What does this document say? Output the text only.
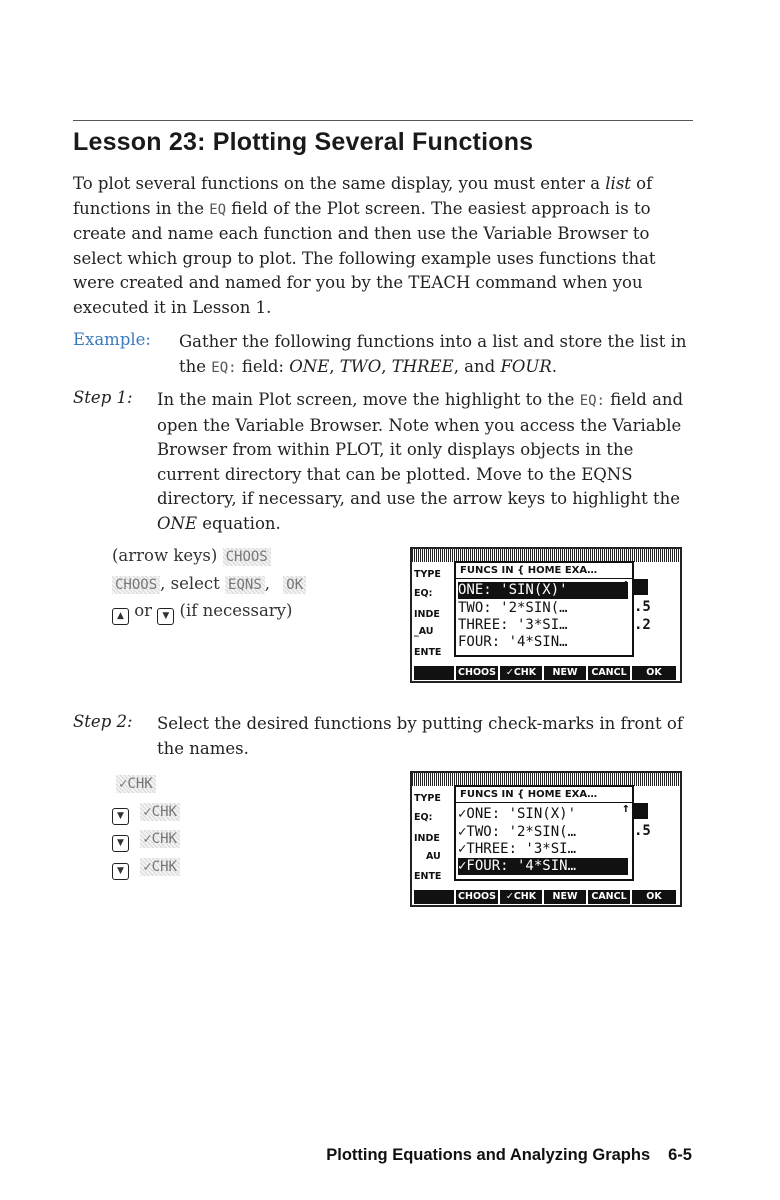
Lesson 23: Plotting Several Functions
To plot several functions on the same display, you must enter a list of functions in the EQ field of the Plot screen. The easiest approach is to create and name each function and then use the Variable Browser to select which group to plot. The following example uses functions that were created and named for you by the TEACH command when you executed it in Lesson 1.
Example: Gather the following functions into a list and store the list in the EQ: field: ONE, TWO, THREE, and FOUR.
Step 1: In the main Plot screen, move the highlight to the EQ: field and open the Variable Browser. Note when you access the Variable Browser from within PLOT, it only displays objects in the current directory that can be plotted. Move to the EQNS directory, if necessary, and use the arrow keys to highlight the ONE equation.
(arrow keys) CHOOS
CHOOS , select EQNS , OK
▲ or ▼ (if necessary)
TYPE
EQ:
INDE
_AU
ENTE
FUNCS IN { HOME EXA…
ONE: 'SIN(X)'
TWO: '2*SIN(…
THREE: '3*SI…
FOUR: '4*SIN…
↑
.5
.2
CHOOS	✓CHK	NEW	CANCL	OK
Step 2: Select the desired functions by putting check-marks in front of the names.
✓CHK
▼ ✓CHK
▼ ✓CHK
▼ ✓CHK
TYPE
EQ:
INDE
AU
ENTE
FUNCS IN { HOME EXA…
✓ONE: 'SIN(X)'
✓TWO: '2*SIN(…
✓THREE: '3*SI…
✓FOUR: '4*SIN…
↑
.5
CHOOS	✓CHK	NEW	CANCL	OK
Plotting Equations and Analyzing Graphs 6-5
